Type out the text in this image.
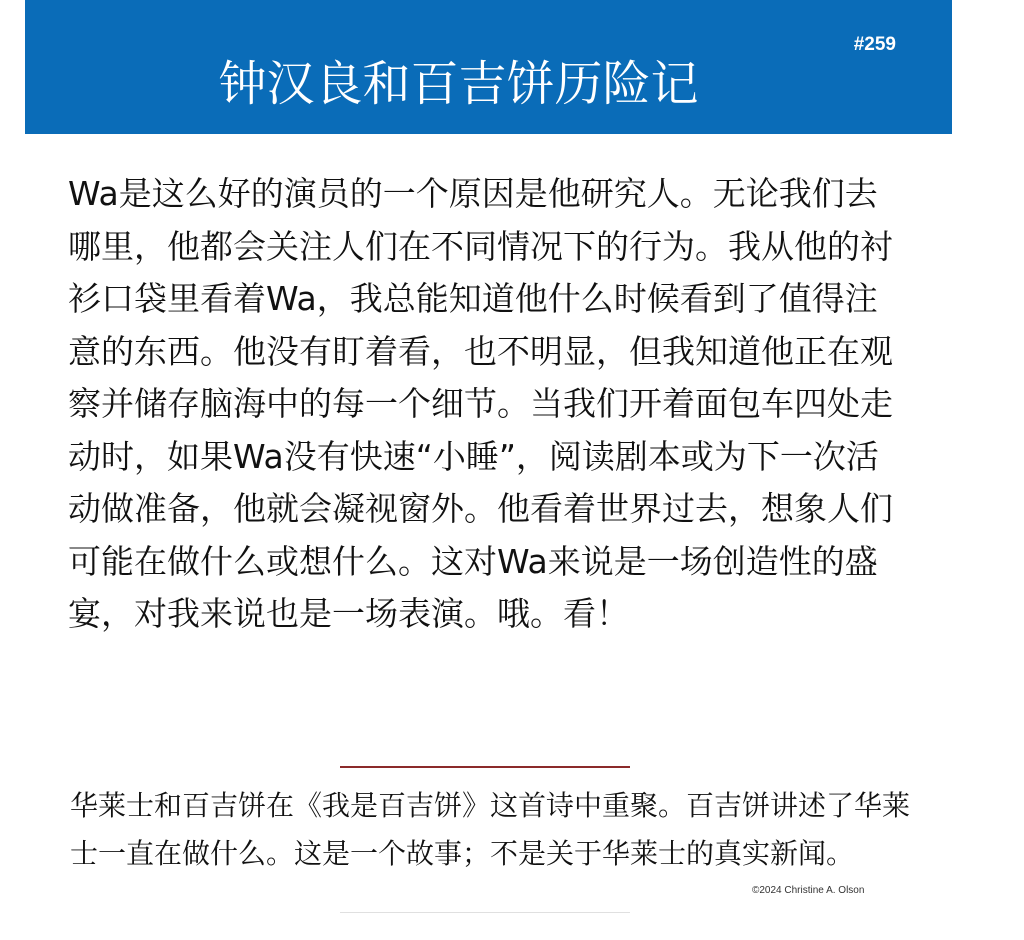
钟汉良和百吉饼历险记
#259

Wa是这么好的演员的一个原因是他研究人。无论我们去哪里，他都会关注人们在不同情况下的行为。我从他的衬衫口袋里看着Wa，我总能知道他什么时候看到了值得注意的东西。他没有盯着看，也不明显，但我知道他正在观察并储存脑海中的每一个细节。当我们开着面包车四处走动时，如果Wa没有快速“小睡”，阅读剧本或为下一次活动做准备，他就会凝视窗外。他看着世界过去，想象人们可能在做什么或想什么。这对Wa来说是一场创造性的盛宴，对我来说也是一场表演。哦。看！

华莱士和百吉饼在《我是百吉饼》这首诗中重聚。百吉饼讲述了华莱士一直在做什么。这是一个故事；不是关于华莱士的真实新闻。

©2024 Christine A. Olson
